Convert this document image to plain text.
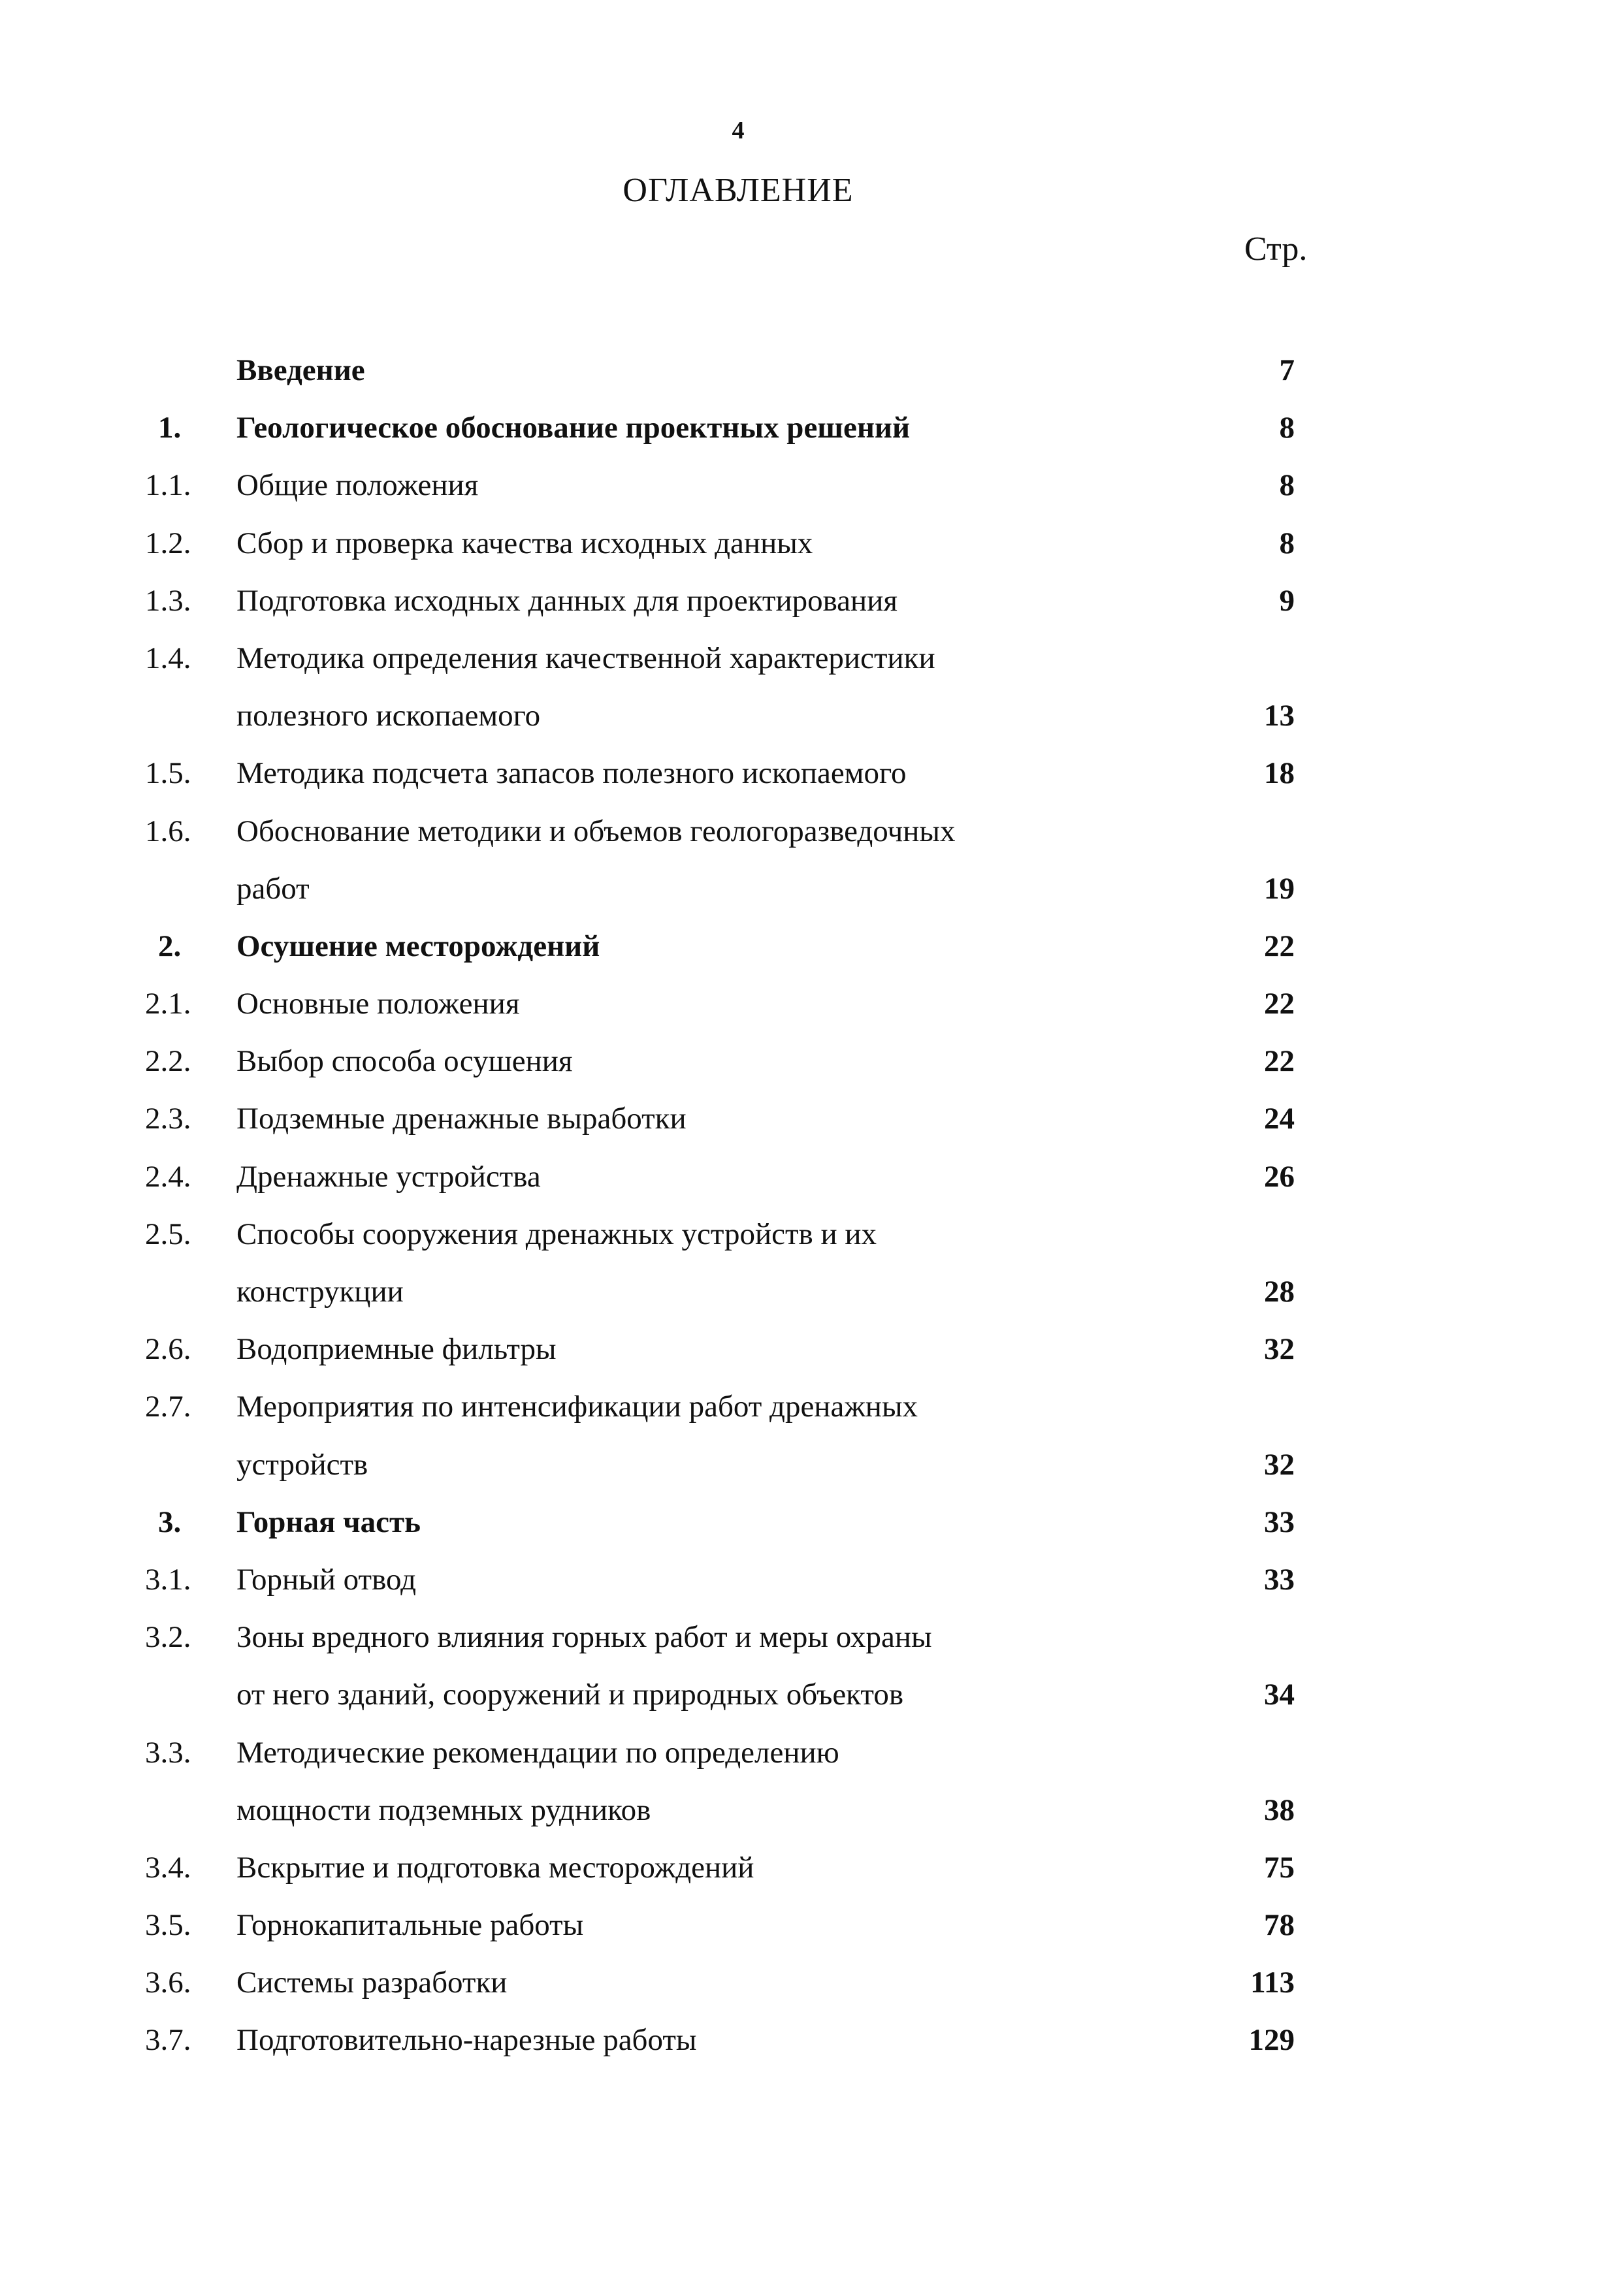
4
ОГЛАВЛЕНИЕ
Стр.
Введение	7
1.	Геологическое обоснование проектных решений	8
1.1.	Общие положения	8
1.2.	Сбор и проверка качества исходных данных	8
1.3.	Подготовка исходных данных для проектирования	9
1.4.	Методика определения качественной характеристики
полезного ископаемого	13
1.5.	Методика подсчета запасов полезного ископаемого	18
1.6.	Обоснование методики и объемов геологоразведочных
работ	19
2.	Осушение месторождений	22
2.1.	Основные положения	22
2.2.	Выбор способа осушения	22
2.3.	Подземные дренажные выработки	24
2.4.	Дренажные устройства	26
2.5.	Способы сооружения дренажных устройств и их
конструкции	28
2.6.	Водоприемные фильтры	32
2.7.	Мероприятия по интенсификации работ дренажных
устройств	32
3.	Горная часть	33
3.1.	Горный отвод	33
3.2.	Зоны вредного влияния горных работ и меры охраны
от него зданий, сооружений и природных объектов	34
3.3.	Методические рекомендации по определению
мощности подземных рудников	38
3.4.	Вскрытие и подготовка месторождений	75
3.5.	Горнокапитальные работы	78
3.6.	Системы разработки	113
3.7.	Подготовительно-нарезные работы	129
